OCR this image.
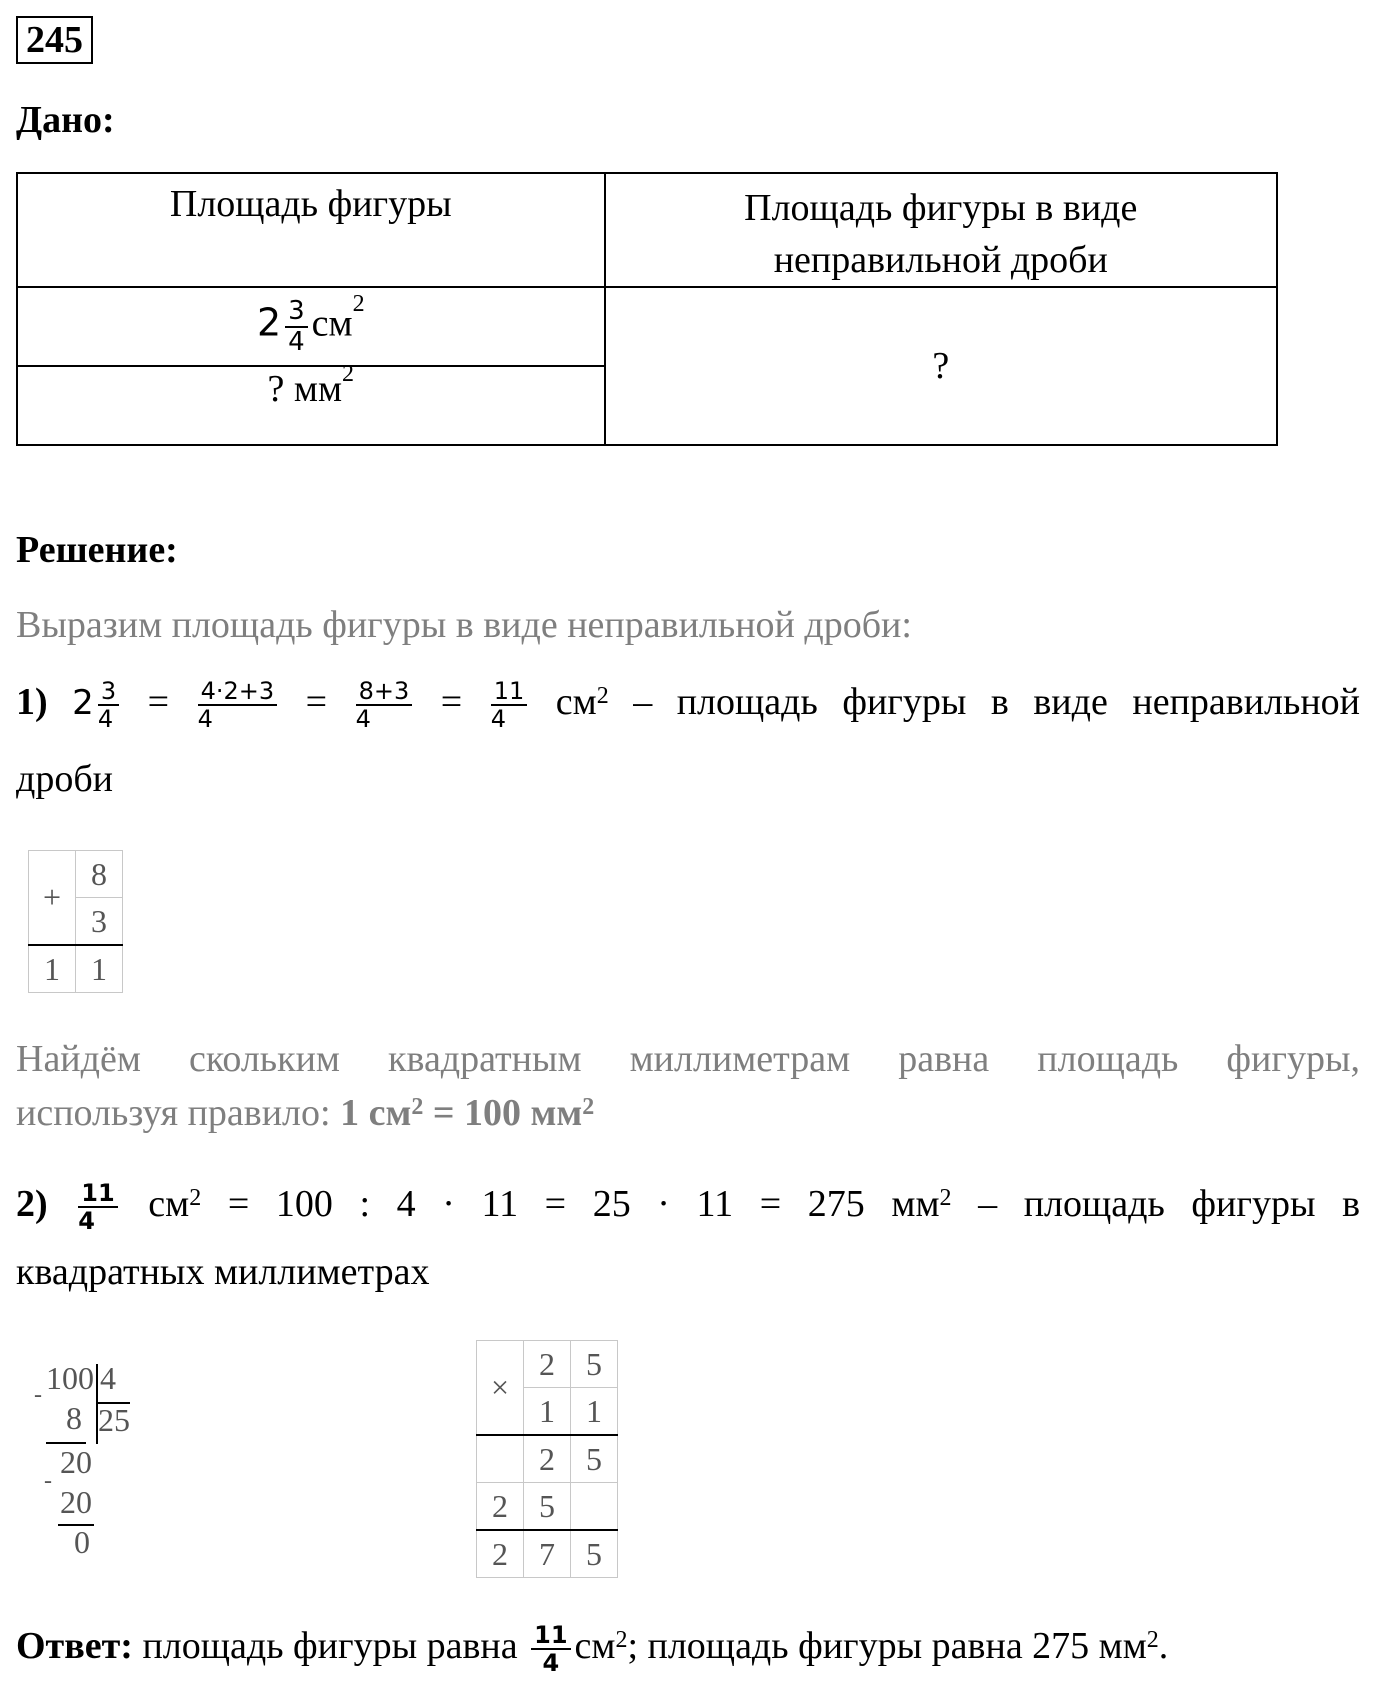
245
Дано:
Площадь фигуры	Площадь фигуры в виде неправильной дроби
$2 \frac{3}{4} см^2$	?
? $мм^2$
Решение:
Выразим площадь фигуры в виде неправильной дроби:
1) $2 \frac{3}{4} = \frac{4\cdot 2+3}{4} = \frac{8+3}{4} = \frac{11}{4} см^2$ – площадь фигуры в виде неправильной
дроби
+	8
	3
1	1
Найдём скольким квадратным миллиметрам равна площадь фигуры,
используя правило: 1 $см^2 = 100$ $мм^2$
$2) \frac{11}{4} см^2 = 100$ : 4 · 11 = 25 · 11 = 275 $мм^2$ – площадь фигуры в
квадратных миллиметрах
100 4
-
8 25
20
-
20
0
×	2	5
	1	1
	2	5
2	5	
2	7	5
Ответ: площадь фигуры равна $\frac{11}{4} см^2$; площадь фигуры равна 275 $мм^2$.
